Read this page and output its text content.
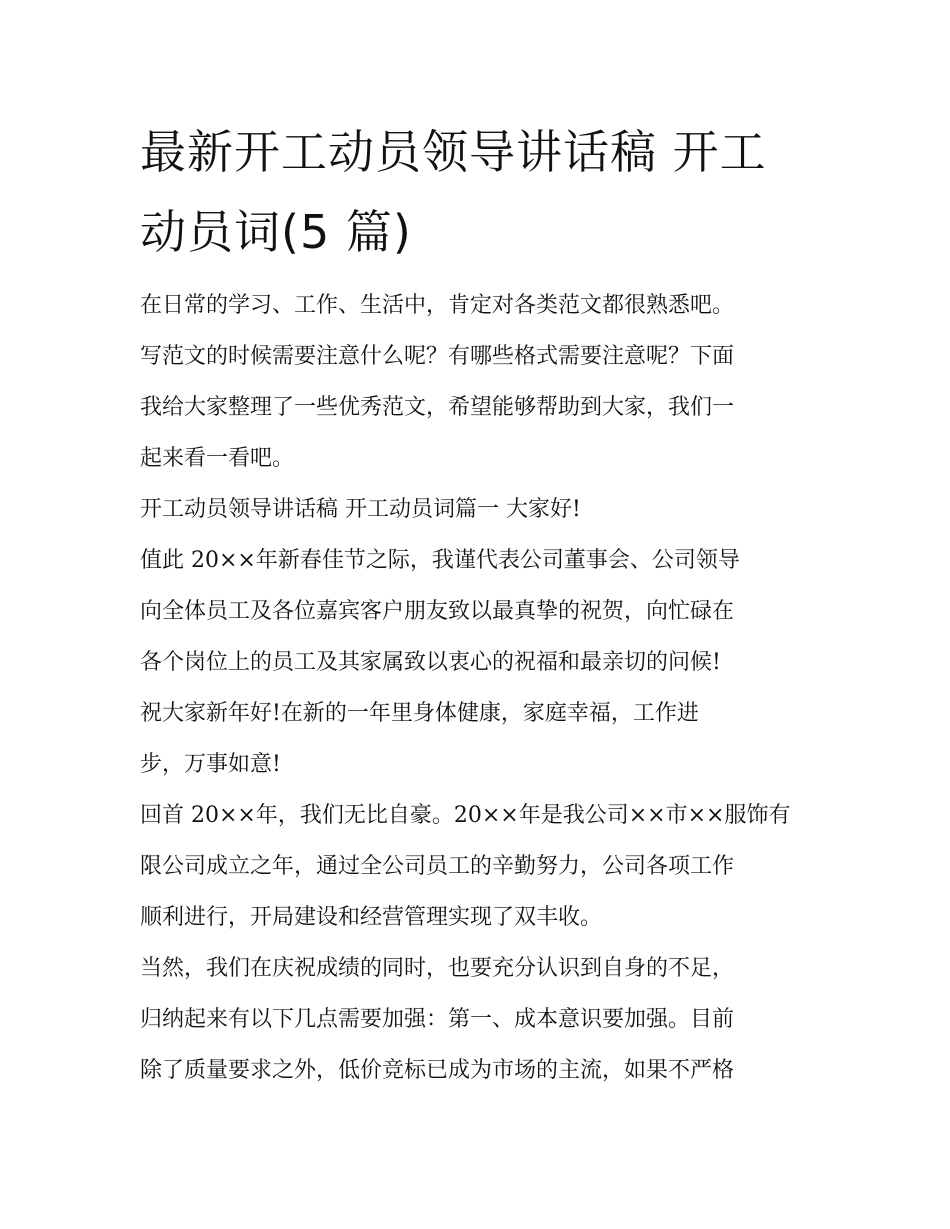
最新开工动员领导讲话稿 开工
动员词(5 篇)
在日常的学习、工作、生活中，肯定对各类范文都很熟悉吧。
写范文的时候需要注意什么呢？有哪些格式需要注意呢？下面
我给大家整理了一些优秀范文，希望能够帮助到大家，我们一
起来看一看吧。
开工动员领导讲话稿 开工动员词篇一 大家好!
值此 20××年新春佳节之际，我谨代表公司董事会、公司领导
向全体员工及各位嘉宾客户朋友致以最真挚的祝贺，向忙碌在
各个岗位上的员工及其家属致以衷心的祝福和最亲切的问候!
祝大家新年好!在新的一年里身体健康，家庭幸福，工作进
步，万事如意!
回首 20××年，我们无比自豪。20××年是我公司××市××服饰有
限公司成立之年，通过全公司员工的辛勤努力，公司各项工作
顺利进行，开局建设和经营管理实现了双丰收。
当然，我们在庆祝成绩的同时，也要充分认识到自身的不足，
归纳起来有以下几点需要加强：第一、成本意识要加强。目前
除了质量要求之外，低价竞标已成为市场的主流，如果不严格
